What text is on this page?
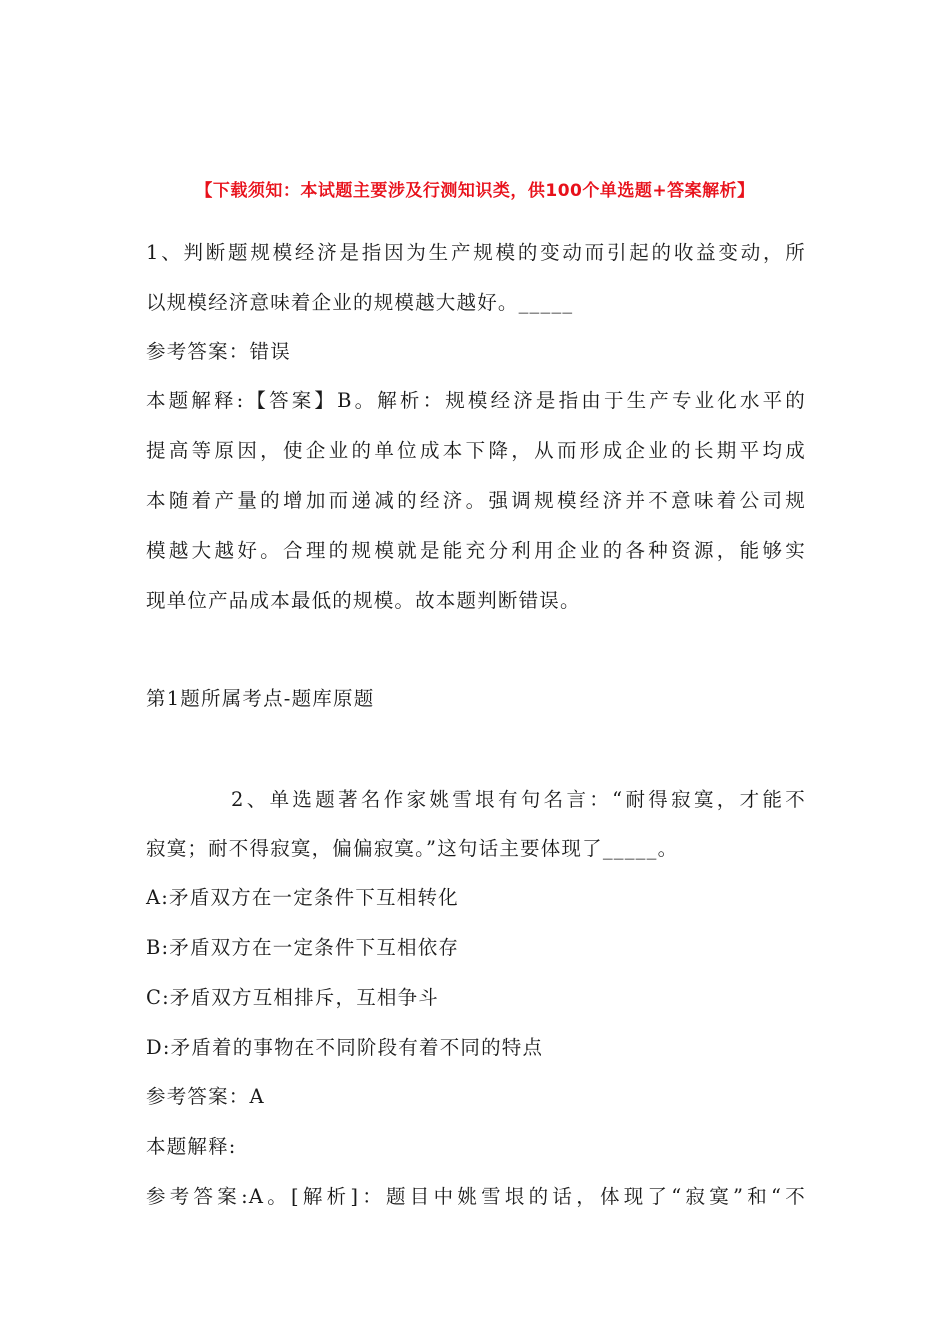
【下载须知：本试题主要涉及行测知识类，供100个单选题+答案解析】
1、判断题规模经济是指因为生产规模的变动而引起的收益变动，所
以规模经济意味着企业的规模越大越好。_____
参考答案：错误
本题解释:【答案】B。解析：规模经济是指由于生产专业化水平的
提高等原因，使企业的单位成本下降，从而形成企业的长期平均成
本随着产量的增加而递减的经济。强调规模经济并不意味着公司规
模越大越好。合理的规模就是能充分利用企业的各种资源，能够实
现单位产品成本最低的规模。故本题判断错误。
第1题所属考点-题库原题
2、单选题著名作家姚雪垠有句名言：“耐得寂寞，才能不
寂寞；耐不得寂寞，偏偏寂寞。”这句话主要体现了_____。
A:矛盾双方在一定条件下互相转化
B:矛盾双方在一定条件下互相依存
C:矛盾双方互相排斥，互相争斗
D:矛盾着的事物在不同阶段有着不同的特点
参考答案：A
本题解释:
参考答案:A。[解析]：题目中姚雪垠的话，体现了“寂寞”和“不
